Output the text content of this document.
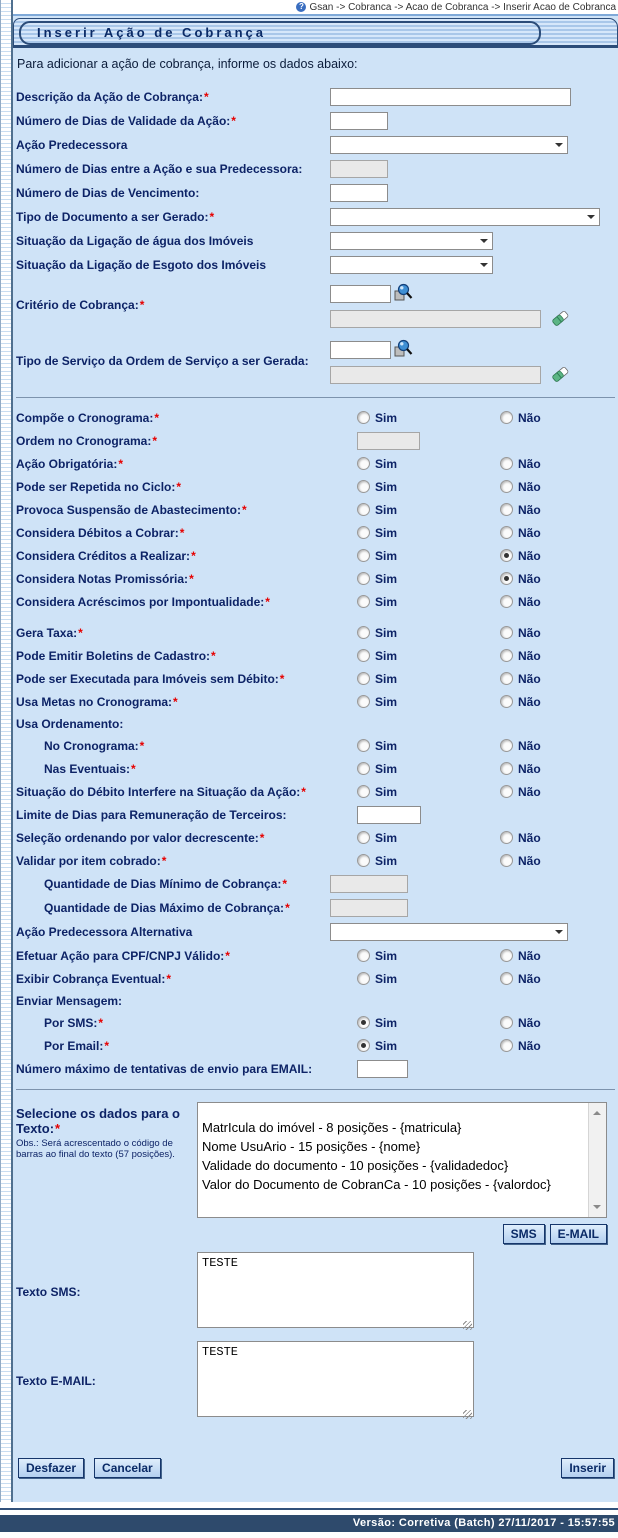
? Gsan -> Cobranca -> Acao de Cobranca -> Inserir Acao de Cobranca
Inserir Ação de Cobrança
Para adicionar a ação de cobrança, informe os dados abaixo:
Descrição da Ação de Cobrança:*
Número de Dias de Validade da Ação:*
Ação Predecessora
Número de Dias entre a Ação e sua Predecessora:
Número de Dias de Vencimento:
Tipo de Documento a ser Gerado:*
Situação da Ligação de água dos Imóveis
Situação da Ligação de Esgoto dos Imóveis
Critério de Cobrança:*
Tipo de Serviço da Ordem de Serviço a ser Gerada:
Compõe o Cronograma:*	Sim	Não
Ordem no Cronograma:*
Ação Obrigatória:*	Sim	Não
Pode ser Repetida no Ciclo:*	Sim	Não
Provoca Suspensão de Abastecimento:*	Sim	Não
Considera Débitos a Cobrar:*	Sim	Não
Considera Créditos a Realizar:*	Sim	Não
Considera Notas Promissória:*	Sim	Não
Considera Acréscimos por Impontualidade:*	Sim	Não
Gera Taxa:*	Sim	Não
Pode Emitir Boletins de Cadastro:*	Sim	Não
Pode ser Executada para Imóveis sem Débito:*	Sim	Não
Usa Metas no Cronograma:*	Sim	Não
Usa Ordenamento:
No Cronograma:*	Sim	Não
Nas Eventuais:*	Sim	Não
Situação do Débito Interfere na Situação da Ação:*	Sim	Não
Limite de Dias para Remuneração de Terceiros:
Seleção ordenando por valor decrescente:*	Sim	Não
Validar por item cobrado:*	Sim	Não
Quantidade de Dias Mínimo de Cobrança:*
Quantidade de Dias Máximo de Cobrança:*
Ação Predecessora Alternativa
Efetuar Ação para CPF/CNPJ Válido:*	Sim	Não
Exibir Cobrança Eventual:*	Sim	Não
Enviar Mensagem:
Por SMS:*	Sim	Não
Por Email:*	Sim	Não
Número máximo de tentativas de envio para EMAIL:
Selecione os dados para o Texto:*
Obs.: Será acrescentado o código de barras ao final do texto (57 posições).
MatrIcula do imóvel - 8 posições - {matricula}
Nome UsuArio - 15 posições - {nome}
Validade do documento - 10 posições - {validadedoc}
Valor do Documento de CobranCa - 10 posições - {valordoc}
SMS	E-MAIL
Texto SMS:
TESTE
Texto E-MAIL:
TESTE
Desfazer	Cancelar	Inserir
Versão: Corretiva (Batch) 27/11/2017 - 15:57:55
